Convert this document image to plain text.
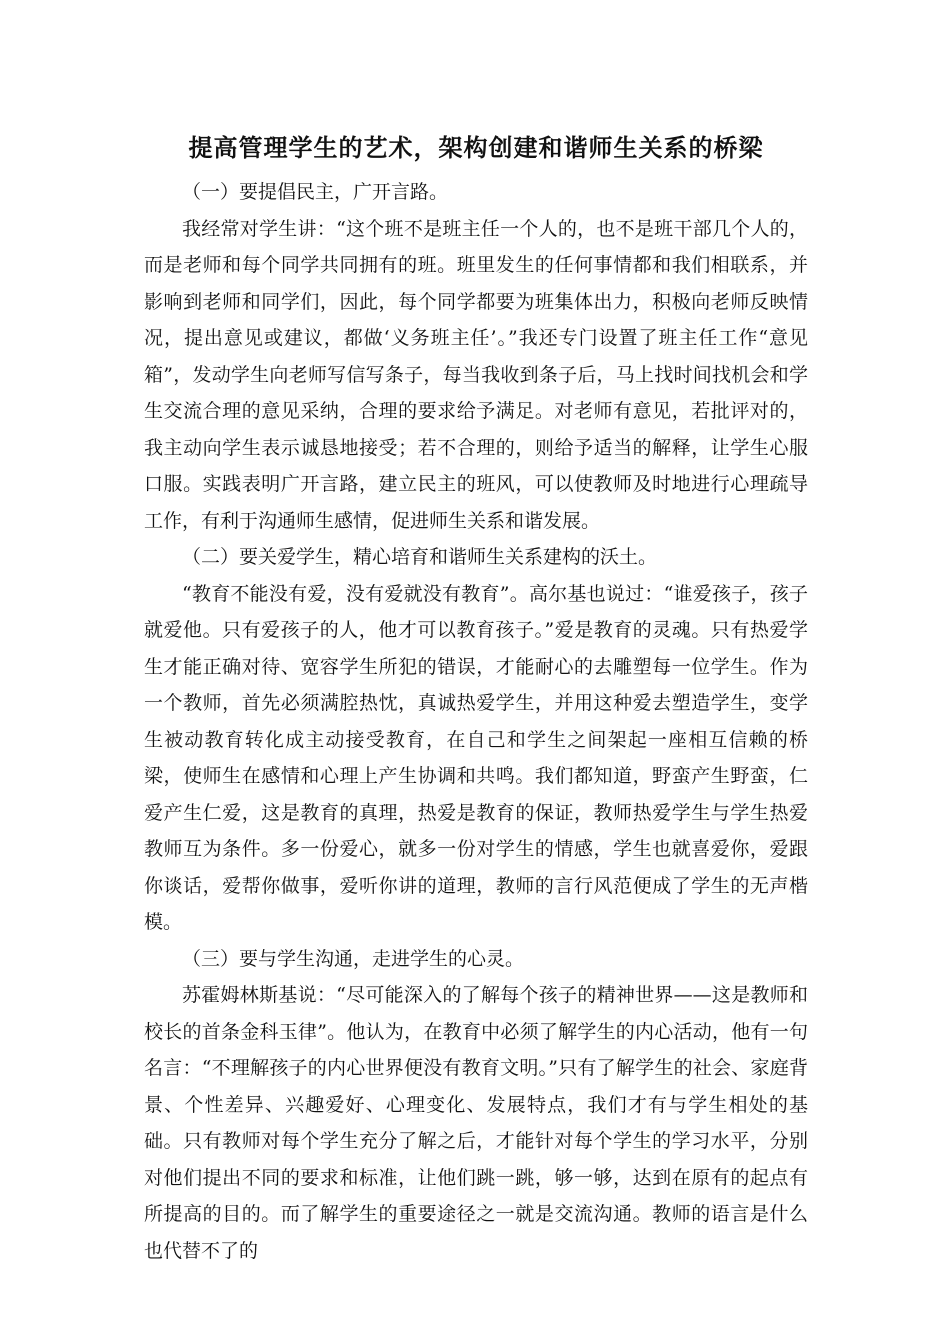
提高管理学生的艺术，架构创建和谐师生关系的桥梁

（一）要提倡民主，广开言路。

我经常对学生讲：“这个班不是班主任一个人的，也不是班干部几个人的，而是老师和每个同学共同拥有的班。班里发生的任何事情都和我们相联系，并影响到老师和同学们，因此，每个同学都要为班集体出力，积极向老师反映情况，提出意见或建议，都做‘义务班主任’。”我还专门设置了班主任工作“意见箱”，发动学生向老师写信写条子，每当我收到条子后，马上找时间找机会和学生交流合理的意见采纳，合理的要求给予满足。对老师有意见，若批评对的，我主动向学生表示诚恳地接受；若不合理的，则给予适当的解释，让学生心服口服。实践表明广开言路，建立民主的班风，可以使教师及时地进行心理疏导工作，有利于沟通师生感情，促进师生关系和谐发展。

（二）要关爱学生，精心培育和谐师生关系建构的沃土。

“教育不能没有爱，没有爱就没有教育”。高尔基也说过：“谁爱孩子，孩子就爱他。只有爱孩子的人，他才可以教育孩子。”爱是教育的灵魂。只有热爱学生才能正确对待、宽容学生所犯的错误，才能耐心的去雕塑每一位学生。作为一个教师，首先必须满腔热忱，真诚热爱学生，并用这种爱去塑造学生，变学生被动教育转化成主动接受教育，在自己和学生之间架起一座相互信赖的桥梁，使师生在感情和心理上产生协调和共鸣。我们都知道，野蛮产生野蛮，仁爱产生仁爱，这是教育的真理，热爱是教育的保证，教师热爱学生与学生热爱教师互为条件。多一份爱心，就多一份对学生的情感，学生也就喜爱你，爱跟你谈话，爱帮你做事，爱听你讲的道理，教师的言行风范便成了学生的无声楷模。

（三）要与学生沟通，走进学生的心灵。

苏霍姆林斯基说：“尽可能深入的了解每个孩子的精神世界——这是教师和校长的首条金科玉律”。他认为，在教育中必须了解学生的内心活动，他有一句名言：“不理解孩子的内心世界便没有教育文明。”只有了解学生的社会、家庭背景、个性差异、兴趣爱好、心理变化、发展特点，我们才有与学生相处的基础。只有教师对每个学生充分了解之后，才能针对每个学生的学习水平，分别对他们提出不同的要求和标准，让他们跳一跳，够一够，达到在原有的起点有所提高的目的。而了解学生的重要途径之一就是交流沟通。教师的语言是什么也代替不了的
